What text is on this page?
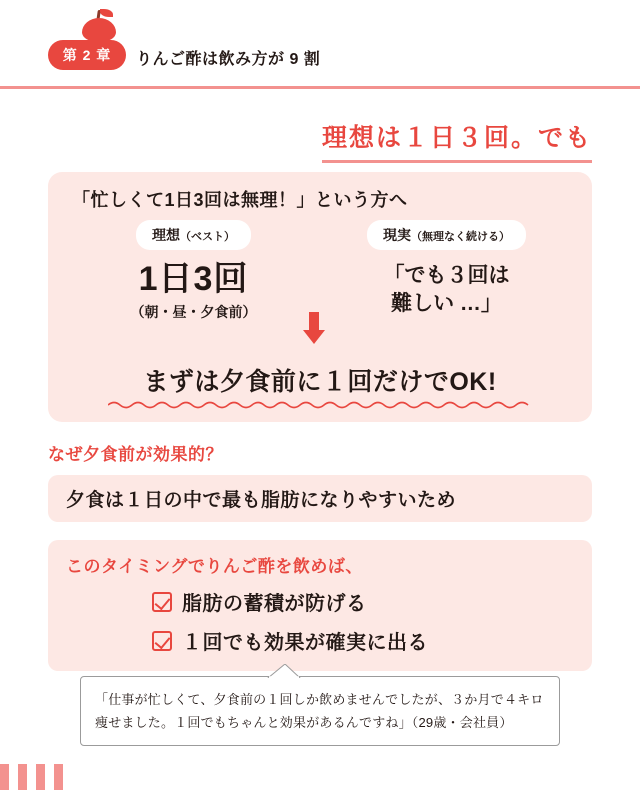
第 2 章	りんご酢は飲み方が 9 割
理想は１日３回。でも
「忙しくて1日3回は無理！」という方へ
理想（ベスト）
1日3回
（朝・昼・夕食前）
現実（無理なく続ける）
「でも３回は
難しい …」
まずは夕食前に１回だけでOK!
なぜ夕食前が効果的？
夕食は１日の中で最も脂肪になりやすいため
このタイミングでりんご酢を飲めば、
脂肪の蓄積が防げる
１回でも効果が確実に出る
「仕事が忙しくて、夕食前の１回しか飲めませんでしたが、３か月で４キロ
痩せました。１回でもちゃんと効果があるんですね」（29歳・会社員）
